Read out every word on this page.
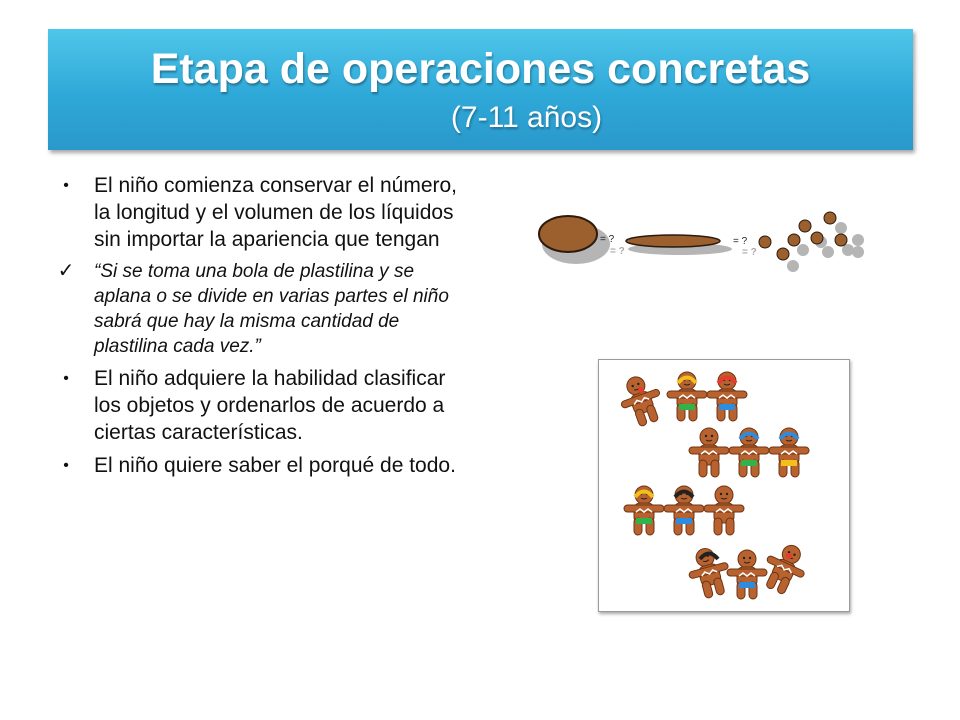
Etapa de operaciones concretas
(7-11 años)
•	El niño comienza conservar el número, la longitud y el volumen de los líquidos sin importar la apariencia que tengan
✓ “Si se toma una bola de plastilina y se aplana o se divide en varias partes el niño sabrá que hay la misma cantidad de plastilina cada vez.”
•	El niño adquiere la habilidad clasificar los objetos y ordenarlos de acuerdo a ciertas características.
•	El niño quiere saber el porqué de todo.
= ?
= ?
= ?
= ?
